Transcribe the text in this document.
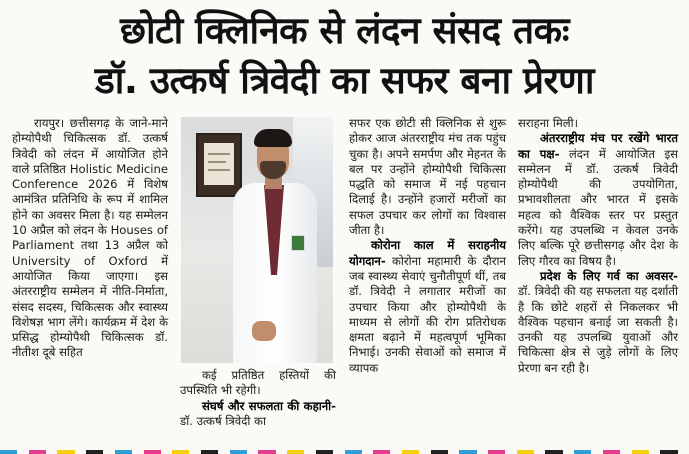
छोटी क्लिनिक से लंदन संसद तकः
डॉ. उत्कर्ष त्रिवेदी का सफर बना प्रेरणा

रायपुर। छत्तीसगढ़ के जाने-माने होम्योपैथी चिकित्सक डॉ. उत्कर्ष त्रिवेदी को लंदन में आयोजित होने वाले प्रतिष्ठित Holistic Medicine Conference 2026 में विशेष आमंत्रित प्रतिनिधि के रूप में शामिल होने का अवसर मिला है। यह सम्मेलन 10 अप्रैल को लंदन के Houses of Parliament तथा 13 अप्रैल को University of Oxford में आयोजित किया जाएगा। इस अंतरराष्ट्रीय सम्मेलन में नीति-निर्माता, संसद सदस्य, चिकित्सक और स्वास्थ्य विशेषज्ञ भाग लेंगे। कार्यक्रम में देश के प्रसिद्ध होम्योपैथी चिकित्सक डॉ. नीतीश दूबे सहित

कई प्रतिष्ठित हस्तियों की उपस्थिति भी रहेगी।

संघर्ष और सफलता की कहानी- डॉ. उत्कर्ष त्रिवेदी का

सफर एक छोटी सी क्लिनिक से शुरू होकर आज अंतरराष्ट्रीय मंच तक पहुंच चुका है। अपने समर्पण और मेहनत के बल पर उन्होंने होम्योपैथी चिकित्सा पद्धति को समाज में नई पहचान दिलाई है। उन्होंने हजारों मरीजों का सफल उपचार कर लोगों का विश्वास जीता है।

कोरोना काल में सराहनीय योगदान- कोरोना महामारी के दौरान जब स्वास्थ्य सेवाएं चुनौतीपूर्ण थीं, तब डॉ. त्रिवेदी ने लगातार मरीजों का उपचार किया और होम्योपैथी के माध्यम से लोगों की रोग प्रतिरोधक क्षमता बढ़ाने में महत्वपूर्ण भूमिका निभाई। उनकी सेवाओं को समाज में व्यापक

सराहना मिली।

अंतरराष्ट्रीय मंच पर रखेंगे भारत का पक्ष- लंदन में आयोजित इस सम्मेलन में डॉ. उत्कर्ष त्रिवेदी होम्योपैथी की उपयोगिता, प्रभावशीलता और भारत में इसके महत्व को वैश्विक स्तर पर प्रस्तुत करेंगे। यह उपलब्धि न केवल उनके लिए बल्कि पूरे छत्तीसगढ़ और देश के लिए गौरव का विषय है।

प्रदेश के लिए गर्व का अवसर- डॉ. त्रिवेदी की यह सफलता यह दर्शाती है कि छोटे शहरों से निकलकर भी वैश्विक पहचान बनाई जा सकती है। उनकी यह उपलब्धि युवाओं और चिकित्सा क्षेत्र से जुड़े लोगों के लिए प्रेरणा बन रही है।
